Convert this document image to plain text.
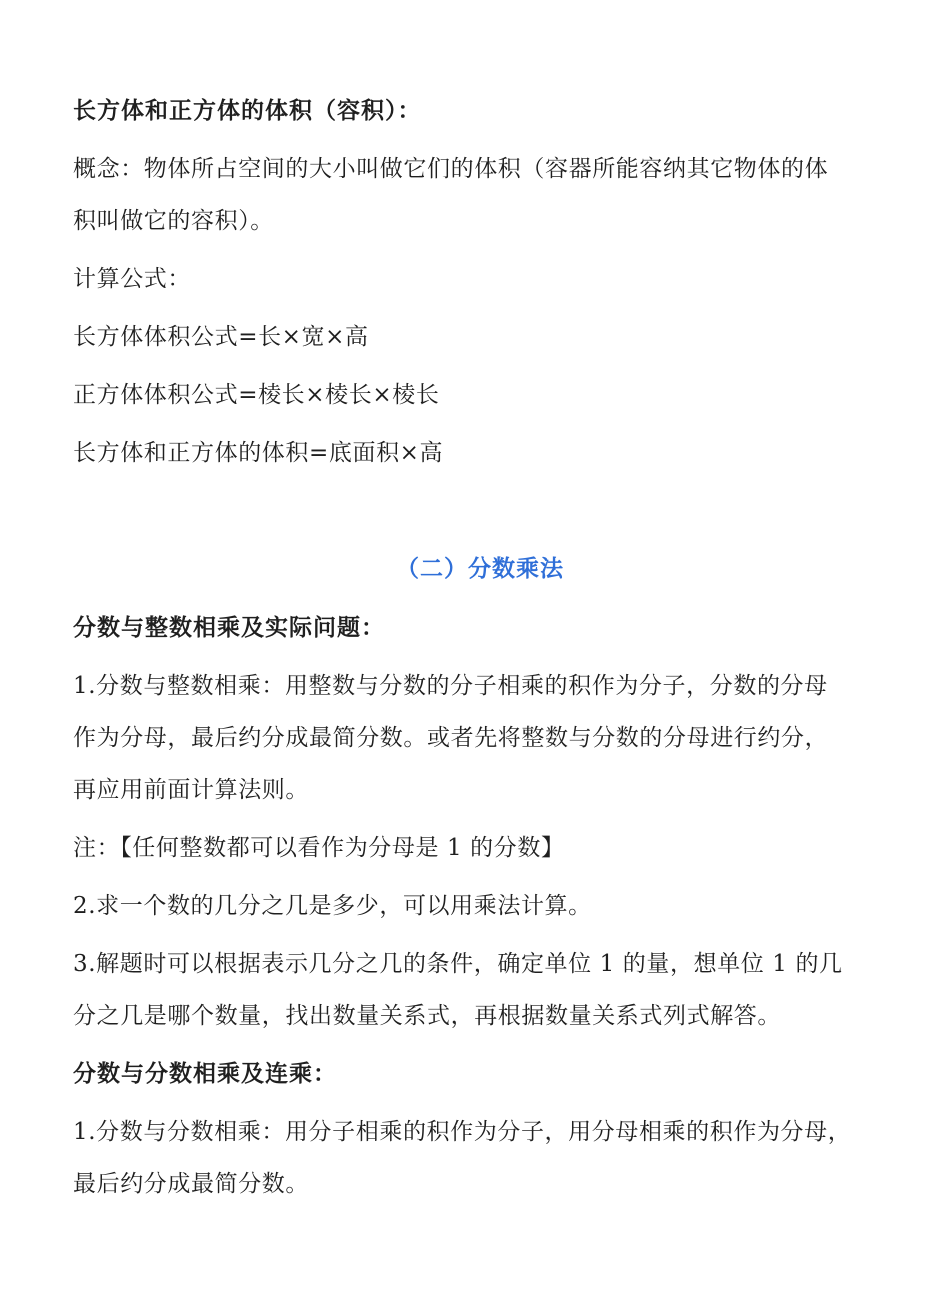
长方体和正方体的体积（容积）：
概念：物体所占空间的大小叫做它们的体积（容器所能容纳其它物体的体
积叫做它的容积）。
计算公式：
长方体体积公式=长×宽×高
正方体体积公式=棱长×棱长×棱长
长方体和正方体的体积=底面积×高
（二）分数乘法
分数与整数相乘及实际问题：
1.分数与整数相乘：用整数与分数的分子相乘的积作为分子，分数的分母
作为分母，最后约分成最简分数。或者先将整数与分数的分母进行约分，
再应用前面计算法则。
注：【任何整数都可以看作为分母是 1 的分数】
2.求一个数的几分之几是多少，可以用乘法计算。
3.解题时可以根据表示几分之几的条件，确定单位 1 的量，想单位 1 的几
分之几是哪个数量，找出数量关系式，再根据数量关系式列式解答。
分数与分数相乘及连乘：
1.分数与分数相乘：用分子相乘的积作为分子，用分母相乘的积作为分母，
最后约分成最简分数。
